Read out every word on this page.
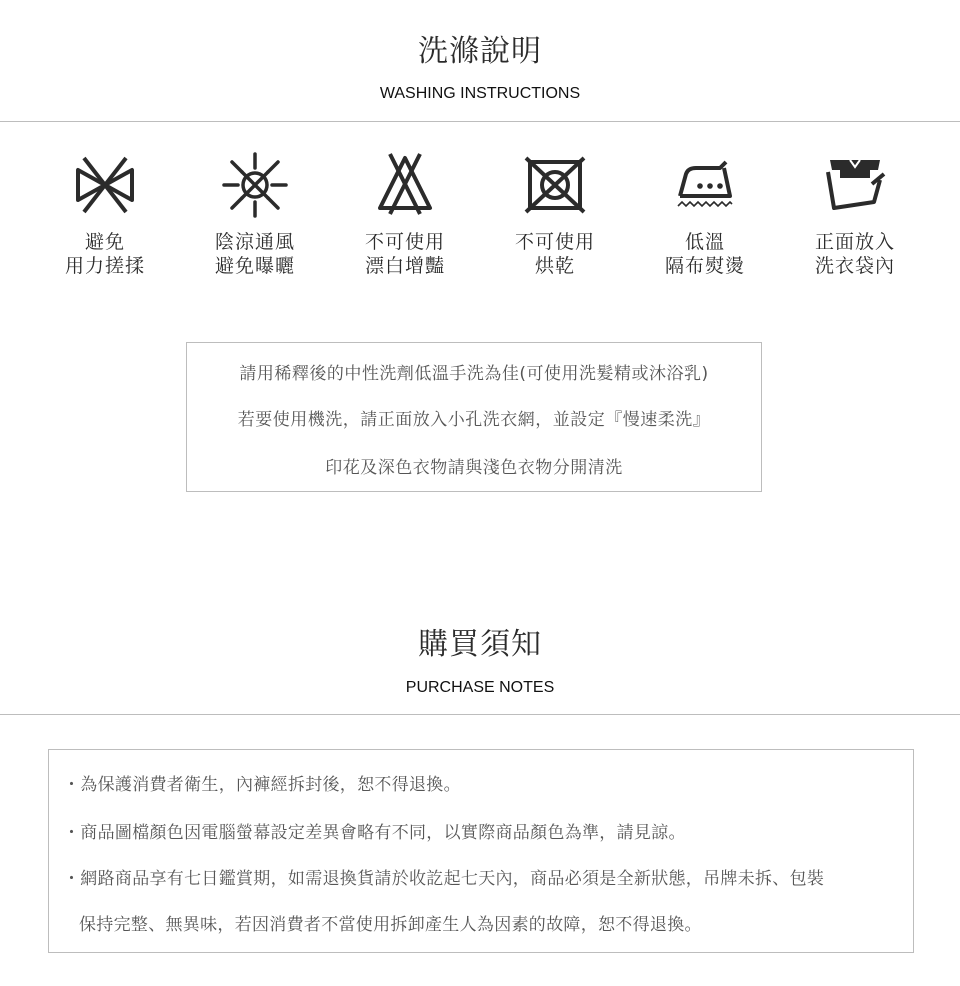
洗滌說明
WASHING INSTRUCTIONS
避免
用力搓揉
陰涼通風
避免曝曬
不可使用
漂白增豔
不可使用
烘乾
低溫
隔布熨燙
正面放入
洗衣袋內
請用稀釋後的中性洗劑低溫手洗為佳(可使用洗髮精或沐浴乳)
若要使用機洗，請正面放入小孔洗衣網，並設定『慢速柔洗』
印花及深色衣物請與淺色衣物分開清洗
購買須知
PURCHASE NOTES
・為保護消費者衛生，內褲經拆封後，恕不得退換。
・商品圖檔顏色因電腦螢幕設定差異會略有不同，以實際商品顏色為準，請見諒。
・網路商品享有七日鑑賞期，如需退換貨請於收訖起七天內，商品必須是全新狀態，吊牌未拆、包裝
保持完整、無異味，若因消費者不當使用拆卸產生人為因素的故障，恕不得退換。
